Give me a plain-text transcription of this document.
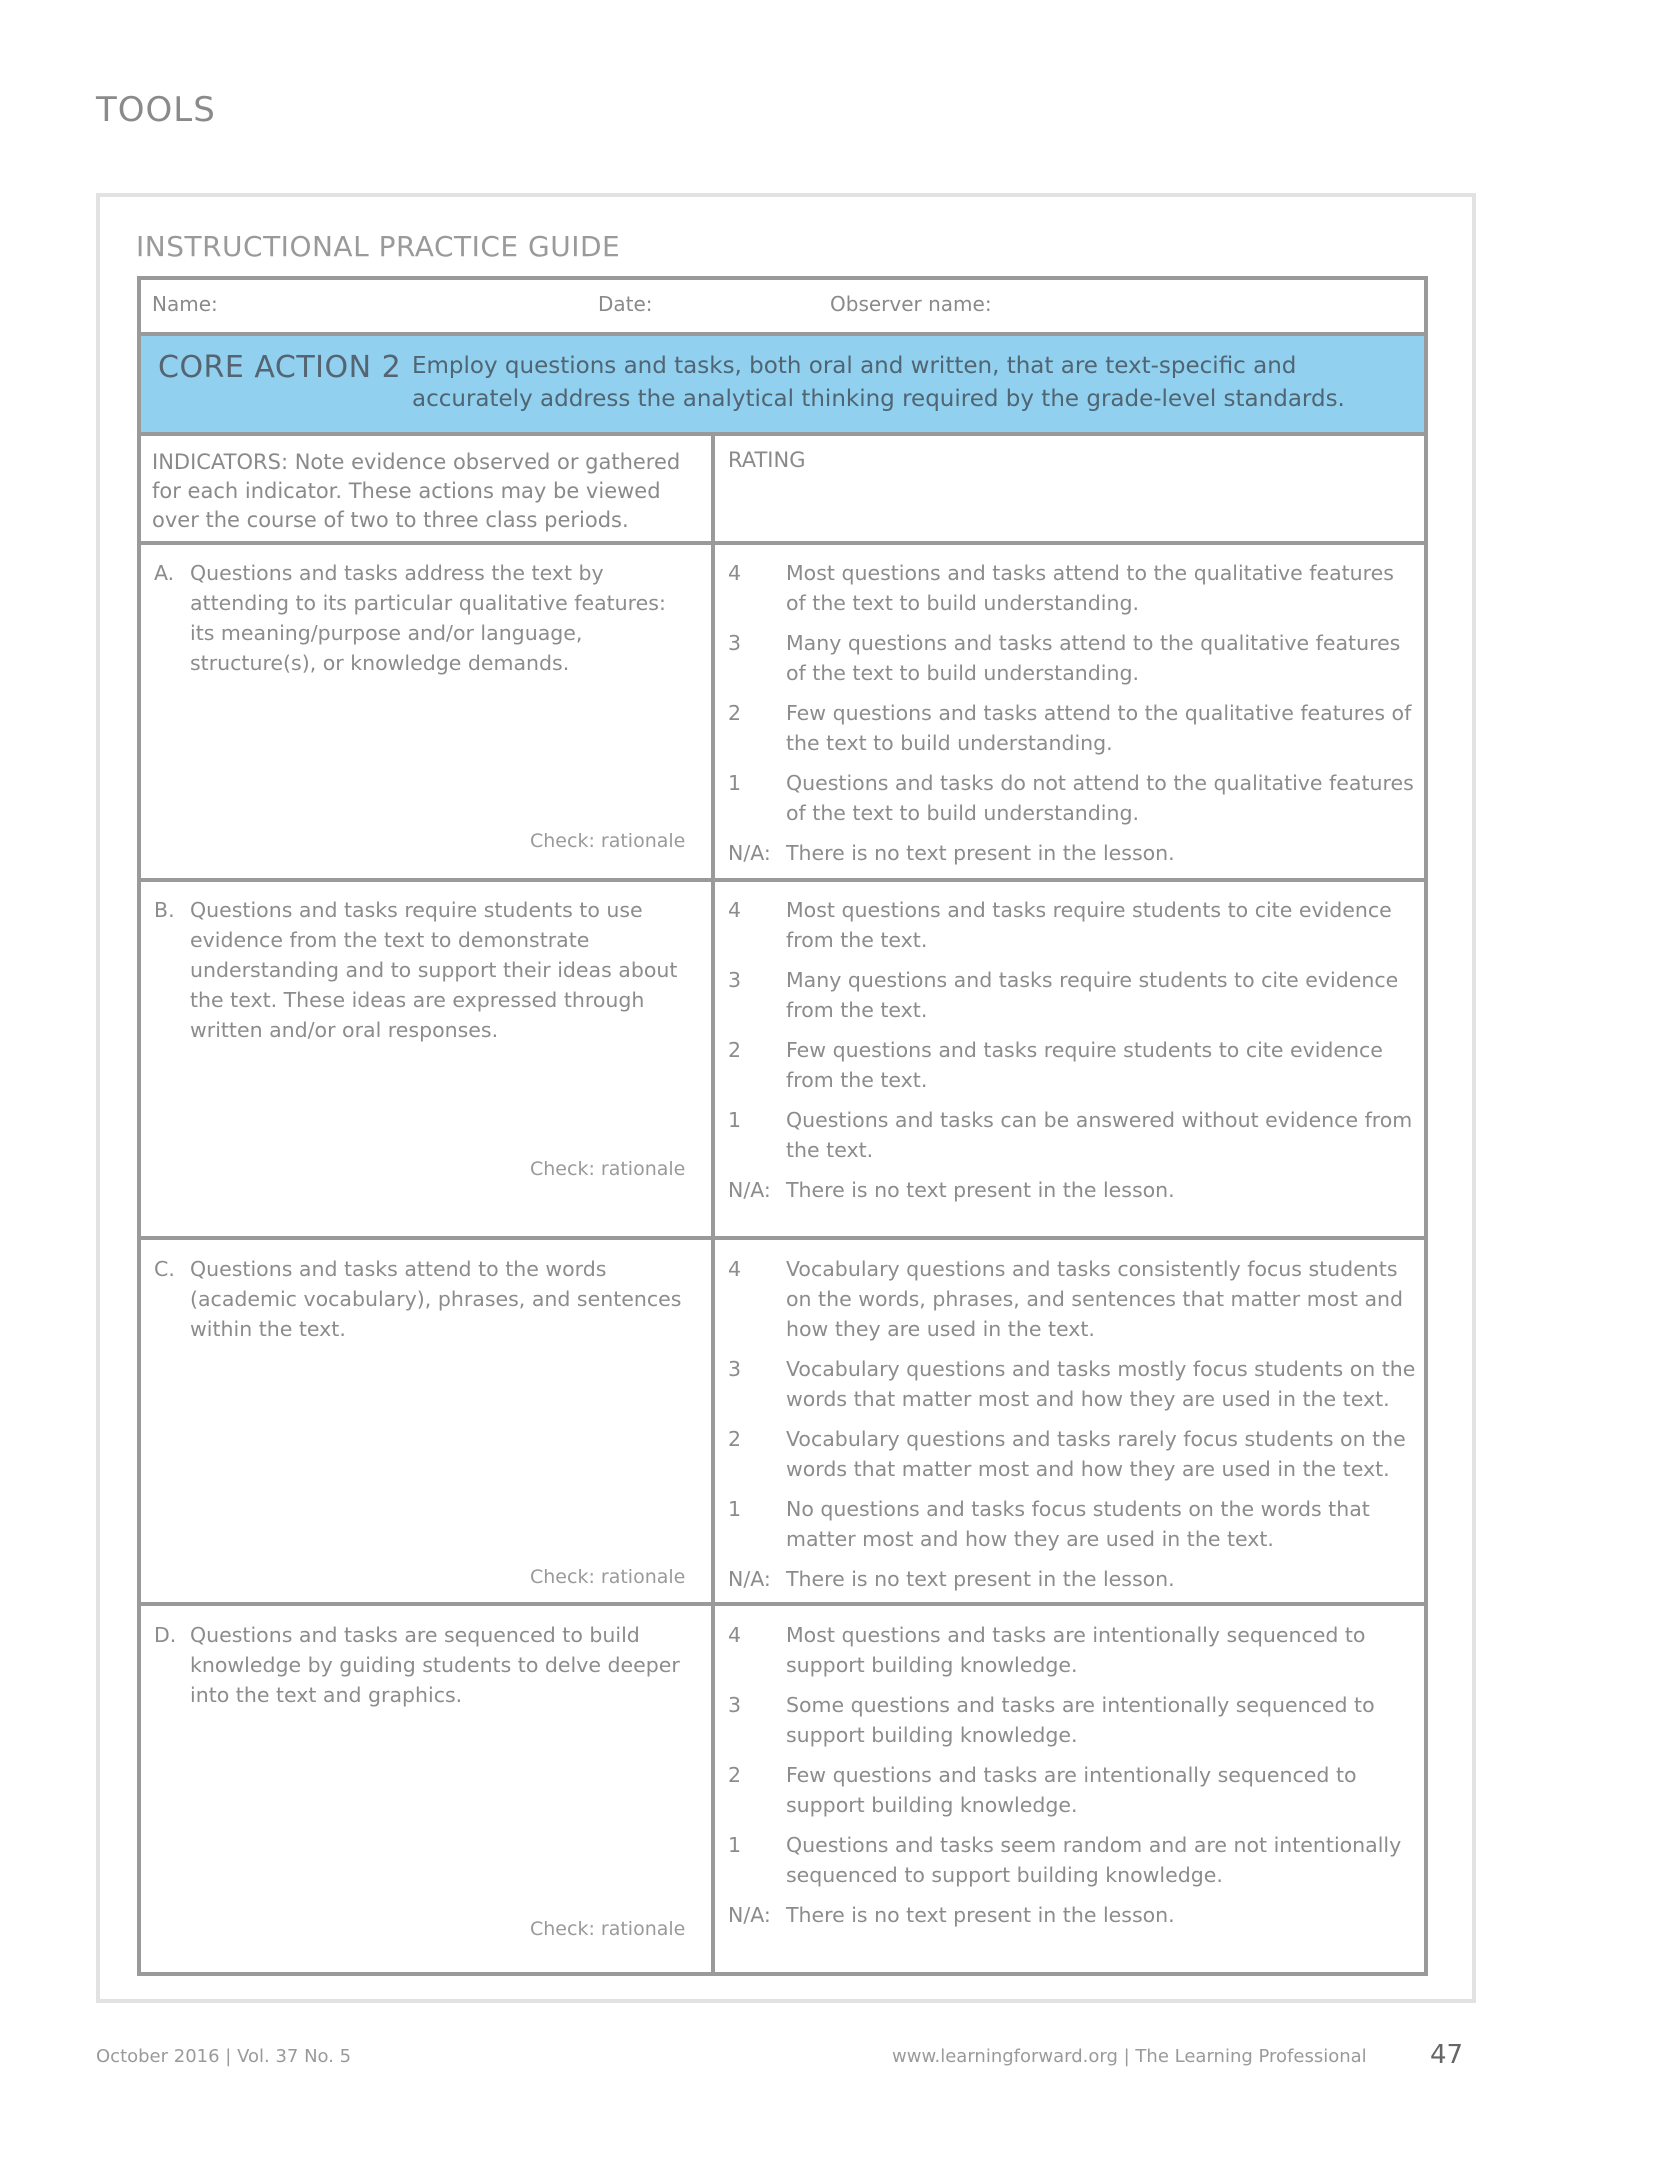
TOOLS
INSTRUCTIONAL PRACTICE GUIDE
Name:	Date:	Observer name:
CORE ACTION 2 Employ questions and tasks, both oral and written, that are text-specific and accurately address the analytical thinking required by the grade-level standards.
INDICATORS: Note evidence observed or gathered for each indicator. These actions may be viewed over the course of two to three class periods.
RATING
A. Questions and tasks address the text by attending to its particular qualitative features: its meaning/purpose and/or language, structure(s), or knowledge demands.
Check: rationale
4	Most questions and tasks attend to the qualitative features of the text to build understanding.
3	Many questions and tasks attend to the qualitative features of the text to build understanding.
2	Few questions and tasks attend to the qualitative features of the text to build understanding.
1	Questions and tasks do not attend to the qualitative features of the text to build understanding.
N/A: There is no text present in the lesson.
B. Questions and tasks require students to use evidence from the text to demonstrate understanding and to support their ideas about the text. These ideas are expressed through written and/or oral responses.
Check: rationale
4	Most questions and tasks require students to cite evidence from the text.
3	Many questions and tasks require students to cite evidence from the text.
2	Few questions and tasks require students to cite evidence from the text.
1	Questions and tasks can be answered without evidence from the text.
N/A: There is no text present in the lesson.
C. Questions and tasks attend to the words (academic vocabulary), phrases, and sentences within the text.
Check: rationale
4	Vocabulary questions and tasks consistently focus students on the words, phrases, and sentences that matter most and how they are used in the text.
3	Vocabulary questions and tasks mostly focus students on the words that matter most and how they are used in the text.
2	Vocabulary questions and tasks rarely focus students on the words that matter most and how they are used in the text.
1	No questions and tasks focus students on the words that matter most and how they are used in the text.
N/A: There is no text present in the lesson.
D. Questions and tasks are sequenced to build knowledge by guiding students to delve deeper into the text and graphics.
Check: rationale
4	Most questions and tasks are intentionally sequenced to support building knowledge.
3	Some questions and tasks are intentionally sequenced to support building knowledge.
2	Few questions and tasks are intentionally sequenced to support building knowledge.
1	Questions and tasks seem random and are not intentionally sequenced to support building knowledge.
N/A: There is no text present in the lesson.
October 2016 | Vol. 37 No. 5	www.learningforward.org | The Learning Professional 47
